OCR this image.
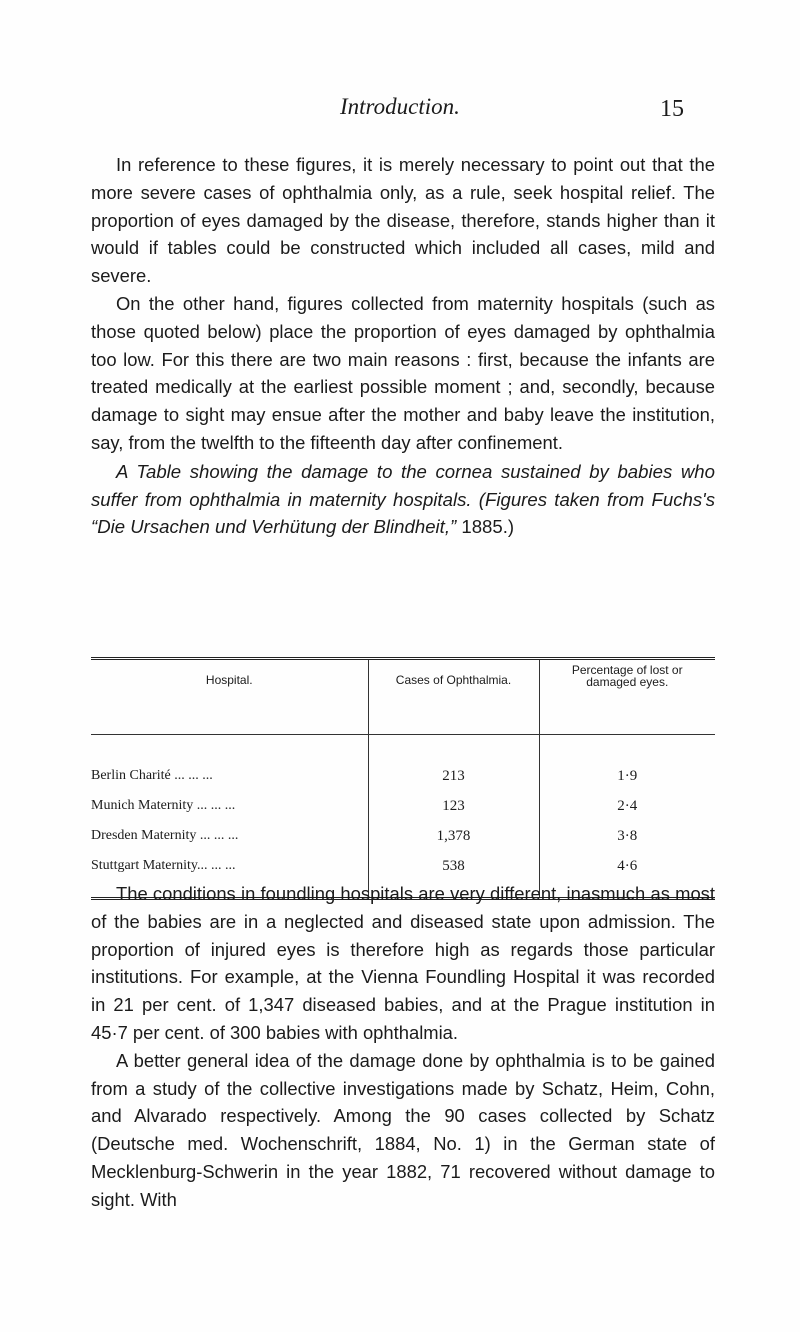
Introduction.	15

In reference to these figures, it is merely necessary to point out that the more severe cases of ophthalmia only, as a rule, seek hospital relief. The proportion of eyes damaged by the disease, therefore, stands higher than it would if tables could be constructed which included all cases, mild and severe.

On the other hand, figures collected from maternity hospitals (such as those quoted below) place the proportion of eyes damaged by ophthalmia too low. For this there are two main reasons : first, because the infants are treated medically at the earliest possible moment ; and, secondly, because damage to sight may ensue after the mother and baby leave the institution, say, from the twelfth to the fifteenth day after confinement.

A Table showing the damage to the cornea sustained by babies who suffer from ophthalmia in maternity hospitals. (Figures taken from Fuchs's “Die Ursachen und Verhütung der Blindheit,” 1885.)

Hospital.	Cases of Ophthalmia.	Percentage of lost or damaged eyes.
Berlin Charité ... ... ...	213	1·9
Munich Maternity ... ... ...	123	2·4
Dresden Maternity ... ... ...	1,378	3·8
Stuttgart Maternity... ... ...	538	4·6

The conditions in foundling hospitals are very different, inasmuch as most of the babies are in a neglected and diseased state upon admission. The proportion of injured eyes is therefore high as regards those particular institutions. For example, at the Vienna Foundling Hospital it was recorded in 21 per cent. of 1,347 diseased babies, and at the Prague institution in 45·7 per cent. of 300 babies with ophthalmia.

A better general idea of the damage done by ophthalmia is to be gained from a study of the collective investigations made by Schatz, Heim, Cohn, and Alvarado respectively. Among the 90 cases collected by Schatz (Deutsche med. Wochenschrift, 1884, No. 1) in the German state of Mecklenburg-Schwerin in the year 1882, 71 recovered without damage to sight. With
